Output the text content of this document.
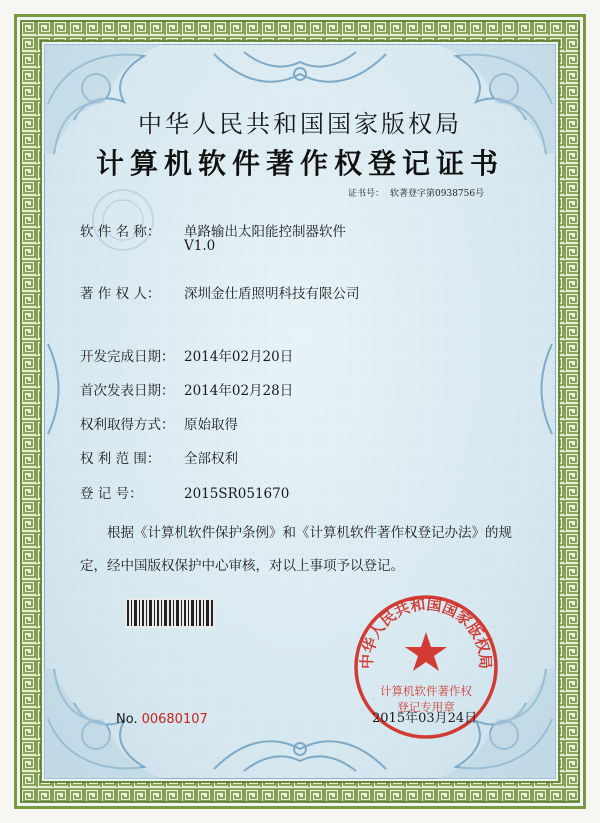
中华人民共和国国家版权局
计算机软件著作权登记证书
证书号： 软著登字第0938756号
软 件 名 称： 单路输出太阳能控制器软件
V1.0
著 作 权 人： 深圳金仕盾照明科技有限公司
开发完成日期： 2014年02月20日
首次发表日期： 2014年02月28日
权利取得方式： 原始取得
权 利 范 围： 全部权利
登 记 号：	2015SR051670
根据《计算机软件保护条例》和《计算机软件著作权登记办法》的规定，经中国版权保护中心审核，对以上事项予以登记。
No. 00680107
中华人民共和国国家版权局
计算机软件著作权
登记专用章
2015年03月24日
